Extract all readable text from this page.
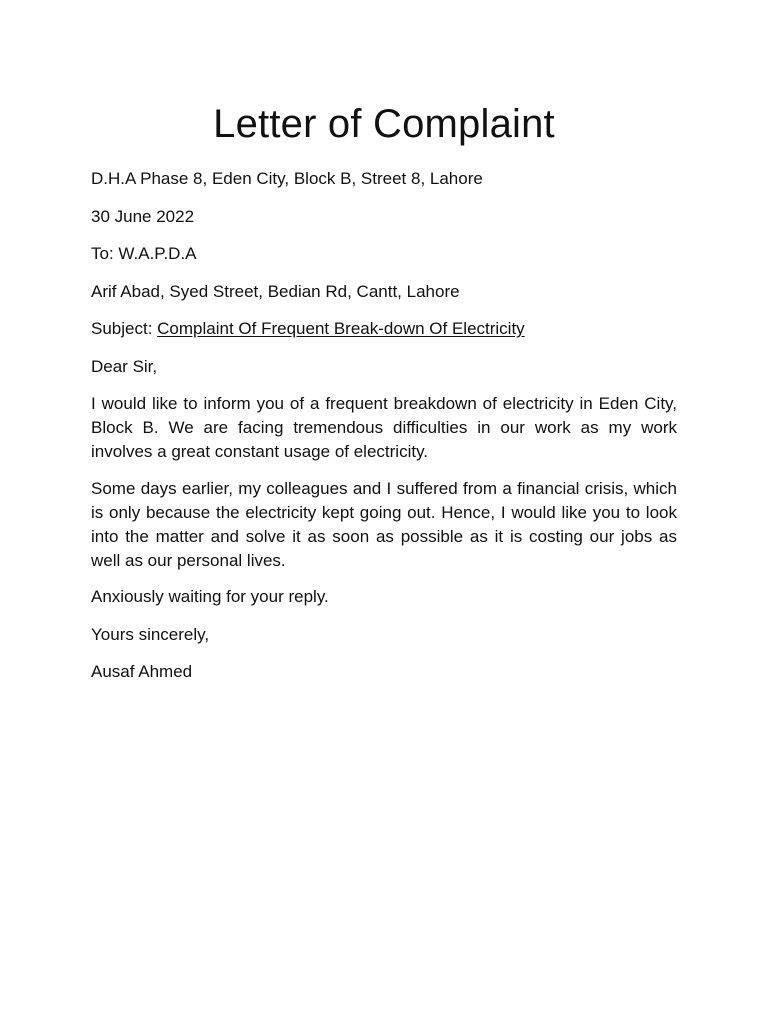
Letter of Complaint

D.H.A Phase 8, Eden City, Block B, Street 8, Lahore

30 June 2022

To: W.A.P.D.A

Arif Abad, Syed Street, Bedian Rd, Cantt, Lahore

Subject: Complaint Of Frequent Break-down Of Electricity

Dear Sir,

I would like to inform you of a frequent breakdown of electricity in Eden City, Block B. We are facing tremendous difficulties in our work as my work involves a great constant usage of electricity.

Some days earlier, my colleagues and I suffered from a financial crisis, which is only because the electricity kept going out. Hence, I would like you to look into the matter and solve it as soon as possible as it is costing our jobs as well as our personal lives.

Anxiously waiting for your reply.

Yours sincerely,

Ausaf Ahmed
